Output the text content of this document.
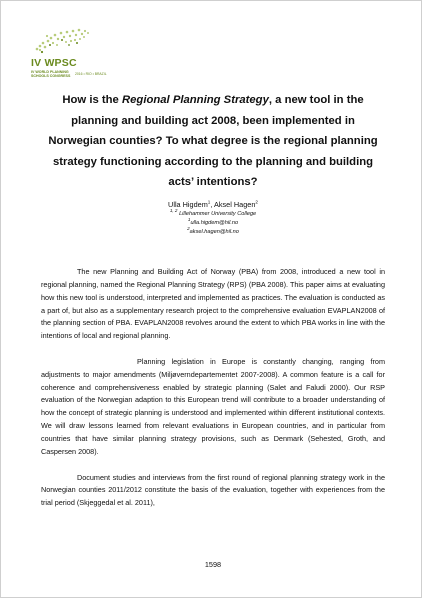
IV WPSC
IV WORLD PLANNING SCHOOLS CONGRESS	2016 • RIO • BRAZIL
How is the Regional Planning Strategy, a new tool in the planning and building act 2008, been implemented in Norwegian counties? To what degree is the regional planning strategy functioning according to the planning and building acts’ intentions?
Ulla Higdem$^1$, Aksel Hagen$^2$
$^{1, 2}$ Lillehammer University College
$^1$ulla.higdem@hil.no
$^2$aksel.hagen@hil.no

The new Planning and Building Act of Norway (PBA) from 2008, introduced a new tool in regional planning, named the Regional Planning Strategy (RPS) (PBA 2008). This paper aims at evaluating how this new tool is understood, interpreted and implemented as practices. The evaluation is conducted as a part of, but also as a supplementary research project to the comprehensive evaluation EVAPLAN2008 of the planning section of PBA. EVAPLAN2008 revolves around the extent to which PBA works in line with the intentions of local and regional planning.

Planning legislation in Europe is constantly changing, ranging from adjustments to major amendments (Miljøverndepartementet 2007-2008). A common feature is a call for coherence and comprehensiveness enabled by strategic planning (Salet and Faludi 2000). Our RSP evaluation of the Norwegian adaption to this European trend will contribute to a broader understanding of how the concept of strategic planning is understood and implemented within different institutional contexts. We will draw lessons learned from relevant evaluations in European countries, and in particular from countries that have similar planning strategy provisions, such as Denmark (Sehested, Groth, and Caspersen 2008).

Document studies and interviews from the first round of regional planning strategy work in the Norwegian counties 2011/2012 constitute the basis of the evaluation, together with experiences from the trial period (Skjeggedal et al. 2011),

1598
